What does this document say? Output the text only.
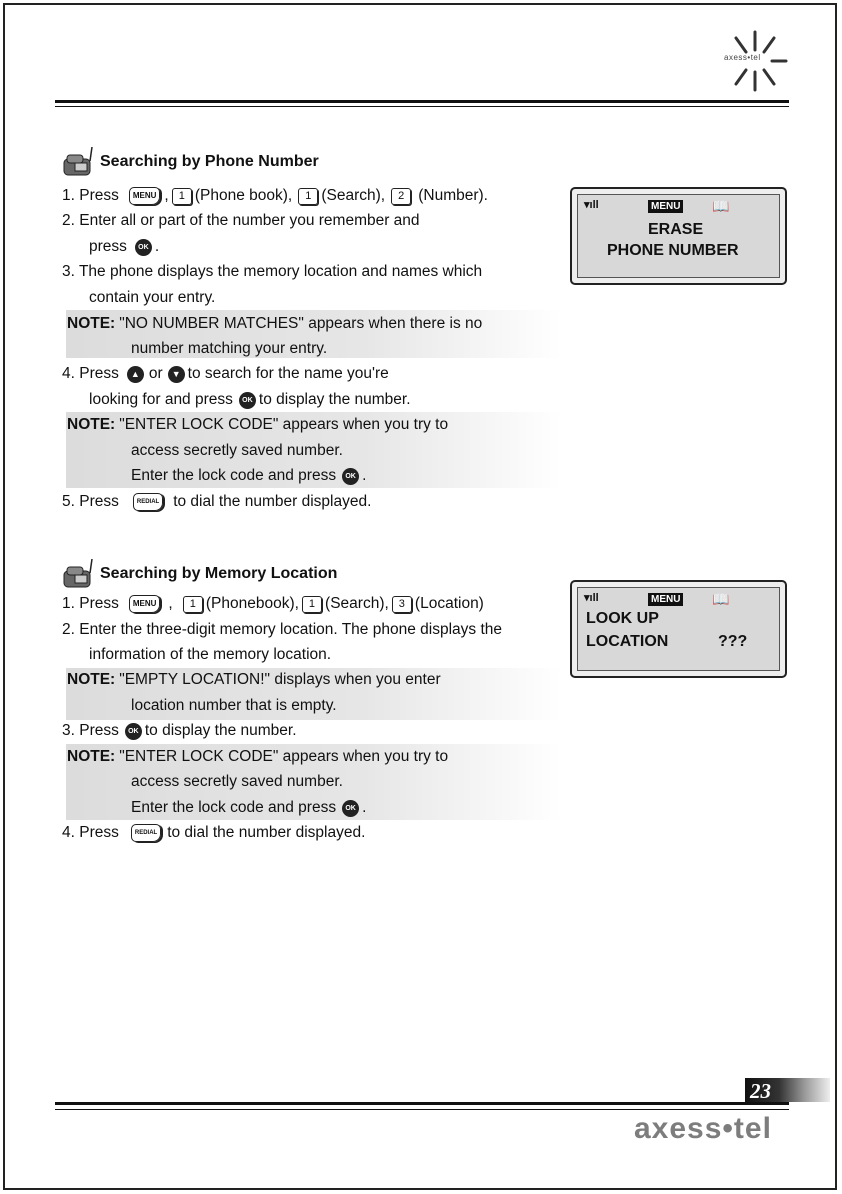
axess•tel
Searching by Phone Number
1. Press	MENU , 1 (Phone book),	1 (Search),	2 (Number).
2. Enter all or part of the number you remember and
press	OK .
3. The phone displays the memory location and names which
contain your entry.
NOTE: "NO NUMBER MATCHES" appears when there is no
number matching your entry.
4. Press	▲ or	▼ to search for the name you're
looking for and press	OK to display the number.
NOTE: "ENTER LOCK CODE" appears when you try to
access secretly saved number.
Enter the lock code and press	OK .
5. Press	REDIAL to dial the number displayed.
▾ıll	MENU 📖
ERASE
PHONE NUMBER
Searching by Memory Location
1. Press	MENU ,	1 (Phonebook), 1 (Search), 3 (Location)
2. Enter the three-digit memory location. The phone displays the
information of the memory location.
NOTE: "EMPTY LOCATION!" displays when you enter
location number that is empty.
3. Press	OK to display the number.
NOTE: "ENTER LOCK CODE" appears when you try to
access secretly saved number.
Enter the lock code and press	OK .
4. Press	REDIAL to dial the number displayed.
▾ıll	MENU 📖
LOOK UP
LOCATION	???
23
axess•tel
